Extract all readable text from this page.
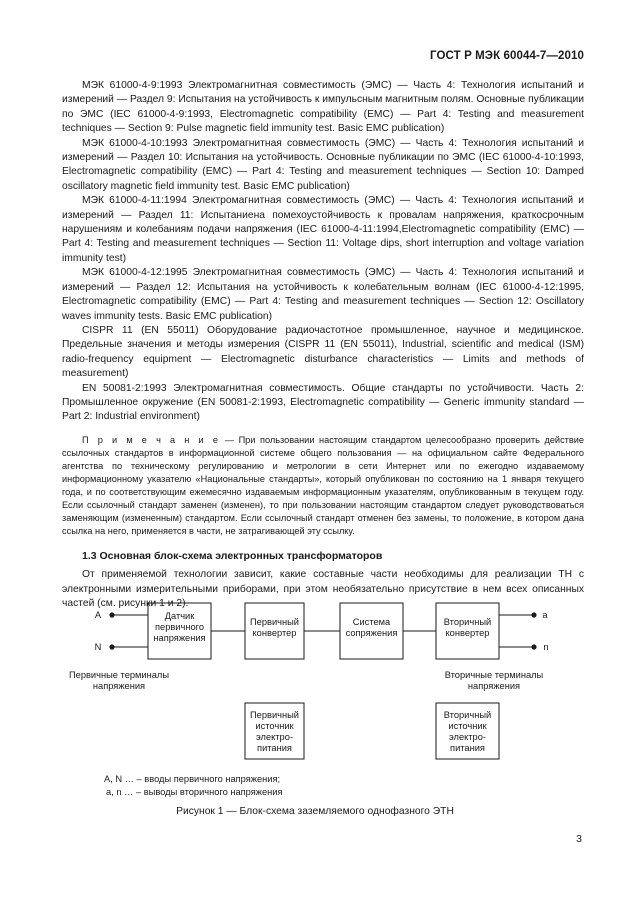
ГОСТ Р МЭК 60044-7—2010

МЭК 61000-4-9:1993 Электромагнитная совместимость (ЭМС) — Часть 4: Технология испытаний и измерений — Раздел 9: Испытания на устойчивость к импульсным магнитным полям. Основные публикации по ЭМС (IEC 61000-4-9:1993, Electromagnetic compatibility (EMC) — Part 4: Testing and measurement techniques — Section 9: Pulse magnetic field immunity test. Basic EMC publication)

МЭК 61000-4-10:1993 Электромагнитная совместимость (ЭМС) — Часть 4: Технология испытаний и измерений — Раздел 10: Испытания на устойчивость. Основные публикации по ЭМС (IEC 61000-4-10:1993, Electromagnetic compatibility (EMC) — Part 4: Testing and measurement techniques — Section 10: Damped oscillatory magnetic field immunity test. Basic EMC publication)

МЭК 61000-4-11:1994 Электромагнитная совместимость (ЭМС) — Часть 4: Технология испытаний и измерений — Раздел 11: Испытаниена помехоустойчивость к провалам напряжения, краткосрочным нарушениям и колебаниям подачи напряжения (IEC 61000-4-11:1994,Electromagnetic compatibility (EMC) — Part 4: Testing and measurement techniques — Section 11: Voltage dips, short interruption and voltage variation immunity test)

МЭК 61000-4-12:1995 Электромагнитная совместимость (ЭМС) — Часть 4: Технология испытаний и измерений — Раздел 12: Испытания на устойчивость к колебательным волнам (IEC 61000-4-12:1995, Electromagnetic compatibility (EMC) — Part 4: Testing and measurement techniques — Section 12: Oscillatory waves immunity tests. Basic EMC publication)

CISPR 11 (EN 55011) Оборудование радиочастотное промышленное, научное и медицинское. Предельные значения и методы измерения (CISPR 11 (EN 55011), Industrial, scientific and medical (ISM) radio-frequency equipment — Electromagnetic disturbance characteristics — Limits and methods of measurement)

EN 50081-2:1993 Электромагнитная совместимость. Общие стандарты по устойчивости. Часть 2: Промышленное окружение (EN 50081-2:1993, Electromagnetic compatibility — Generic immunity standard — Part 2: Industrial environment)

П р и м е ч а н и е — При пользовании настоящим стандартом целесообразно проверить действие ссылочных стандартов в информационной системе общего пользования — на официальном сайте Федерального агентства по техническому регулированию и метрологии в сети Интернет или по ежегодно издаваемому информационному указателю «Национальные стандарты», который опубликован по состоянию на 1 января текущего года, и по соответствующим ежемесячно издаваемым информационным указателям, опубликованным в текущем году. Если ссылочный стандарт заменен (изменен), то при пользовании настоящим стандартом следует руководствоваться заменяющим (измененным) стандартом. Если ссылочный стандарт отменен без замены, то положение, в котором дана ссылка на него, применяется в части, не затрагивающей эту ссылку.

1.3 Основная блок-схема электронных трансформаторов

От применяемой технологии зависит, какие составные части необходимы для реализации ТН с электронными измерительными приборами, при этом необязательно присутствие в нем всех описанных частей (см. рисунки 1 и 2).

A
N
a
n
Датчик
первичного
напряжения
Первичный
конвертер
Система
сопряжения
Вторичный
конвертер
Первичные терминалы
напряжения
Вторичные терминалы
напряжения
Первичный
источник
электро-
питания
Вторичный
источник
электро-
питания
A, N … – вводы первичного напряжения;
a, n … – выводы вторичного напряжения
Рисунок 1 — Блок-схема заземляемого однофазного ЭТН
3
